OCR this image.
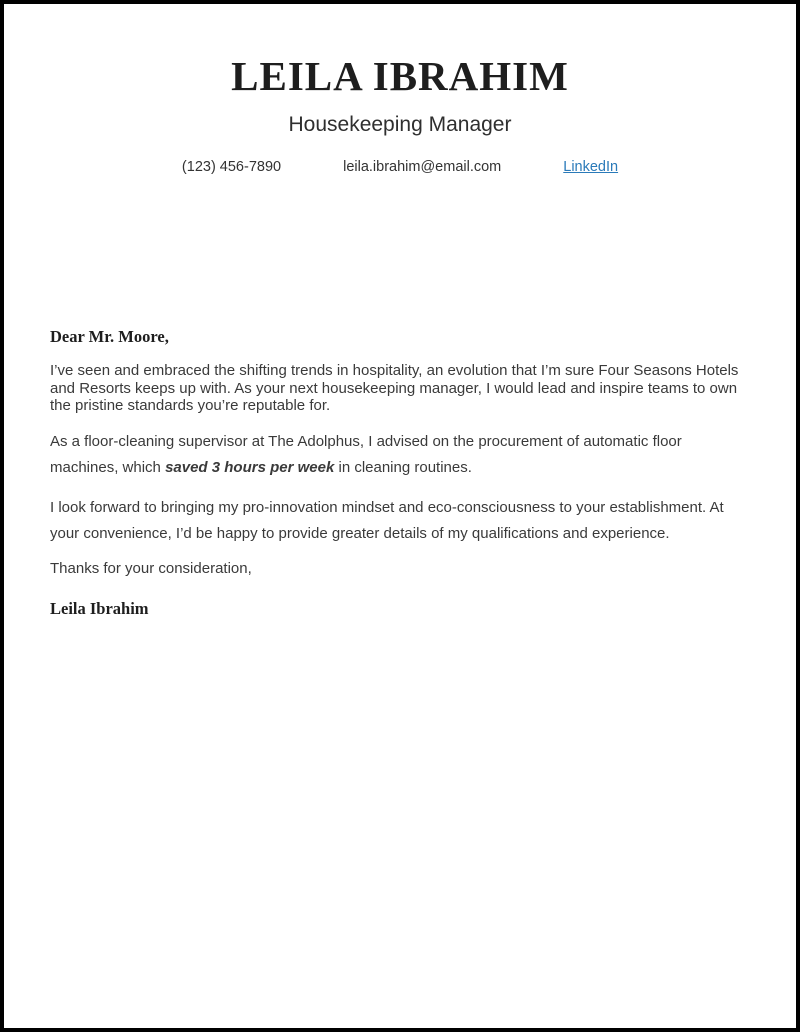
LEILA IBRAHIM
Housekeeping Manager
(123) 456-7890	leila.ibrahim@email.com	LinkedIn
Dear Mr. Moore,

I’ve seen and embraced the shifting trends in hospitality, an evolution that I’m sure Four Seasons Hotels and Resorts keeps up with. As your next housekeeping manager, I would lead and inspire teams to own the pristine standards you’re reputable for.

As a floor-cleaning supervisor at The Adolphus, I advised on the procurement of automatic floor machines, which saved 3 hours per week in cleaning routines.

I look forward to bringing my pro-innovation mindset and eco-consciousness to your establishment. At your convenience, I’d be happy to provide greater details of my qualifications and experience.

Thanks for your consideration,
Leila Ibrahim
